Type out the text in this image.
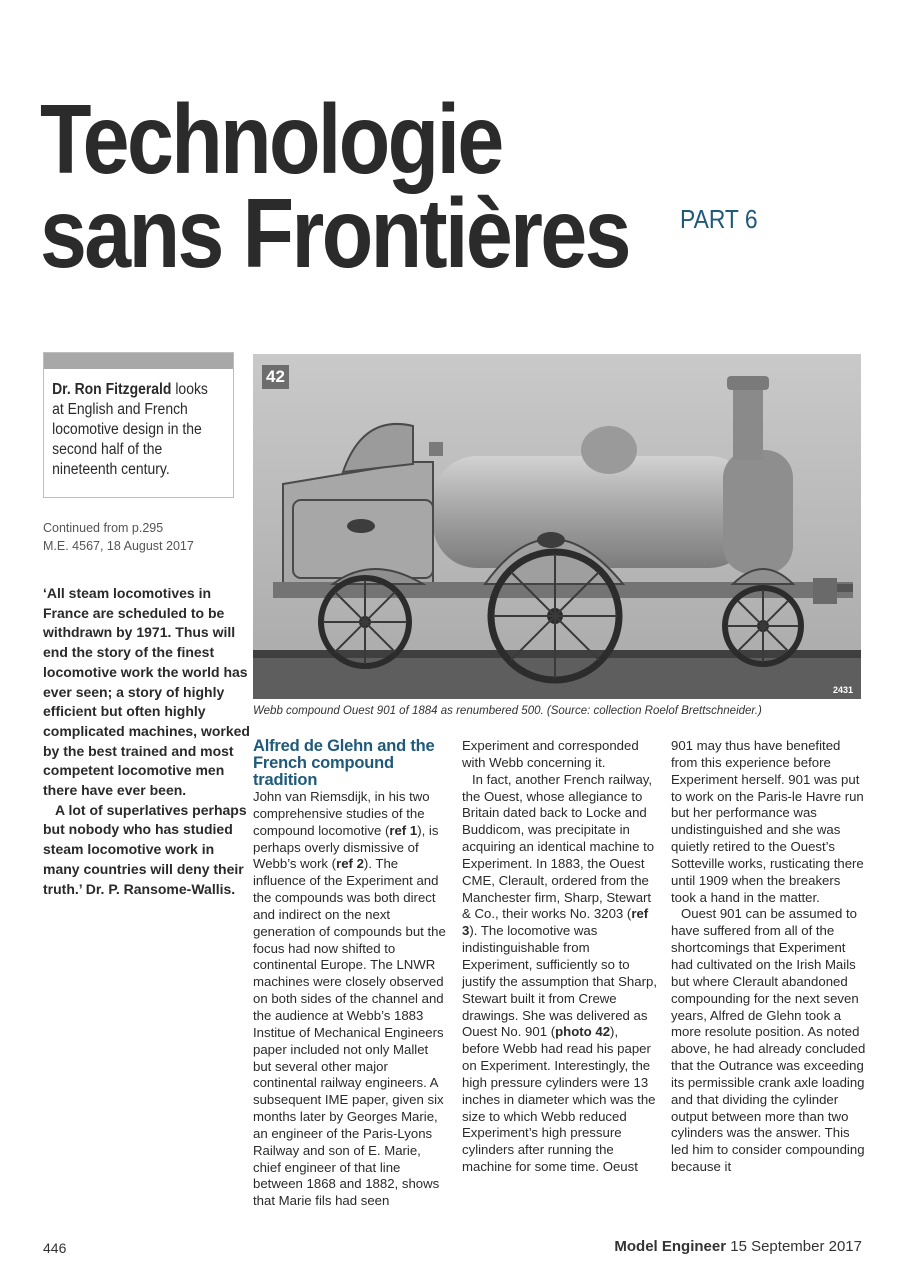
Technologie
sans Frontières PART 6
Dr. Ron Fitzgerald looks at English and French locomotive design in the second half of the nineteenth century.
Continued from p.295
M.E. 4567, 18 August 2017

‘All steam locomotives in France are scheduled to be withdrawn by 1971. Thus will end the story of the finest locomotive work the world has ever seen; a story of highly efficient but often highly complicated machines, worked by the best trained and most competent locomotive men there have ever been.

A lot of superlatives perhaps but nobody who has studied steam locomotive work in many countries will deny their truth.’ Dr. P. Ransome-Wallis.

42
2431
Webb compound Ouest 901 of 1884 as renumbered 500. (Source: collection Roelof Brettschneider.)

Alfred de Glehn and the French compound tradition

John van Riemsdijk, in his two comprehensive studies of the compound locomotive (ref 1), is perhaps overly dismissive of Webb’s work (ref 2). The influence of the Experiment and the compounds was both direct and indirect on the next generation of compounds but the focus had now shifted to continental Europe. The LNWR machines were closely observed on both sides of the channel and the audience at Webb’s 1883 Institue of Mechanical Engineers paper included not only Mallet but several other major continental railway engineers. A subsequent IME paper, given six months later by Georges Marie, an engineer of the Paris-Lyons Railway and son of E. Marie, chief engineer of that line between 1868 and 1882, shows that Marie fils had seen

Experiment and corresponded with Webb concerning it.

In fact, another French railway, the Ouest, whose allegiance to Britain dated back to Locke and Buddicom, was precipitate in acquiring an identical machine to Experiment. In 1883, the Ouest CME, Clerault, ordered from the Manchester firm, Sharp, Stewart & Co., their works No. 3203 (ref 3). The locomotive was indistinguishable from Experiment, sufficiently so to justify the assumption that Sharp, Stewart built it from Crewe drawings. She was delivered as Ouest No. 901 (photo 42), before Webb had read his paper on Experiment. Interestingly, the high pressure cylinders were 13 inches in diameter which was the size to which Webb reduced Experiment’s high pressure cylinders after running the machine for some time. Oeust

901 may thus have benefited from this experience before Experiment herself. 901 was put to work on the Paris-le Havre run but her performance was undistinguished and she was quietly retired to the Ouest’s Sotteville works, rusticating there until 1909 when the breakers took a hand in the matter.

Ouest 901 can be assumed to have suffered from all of the shortcomings that Experiment had cultivated on the Irish Mails but where Clerault abandoned compounding for the next seven years, Alfred de Glehn took a more resolute position. As noted above, he had already concluded that the Outrance was exceeding its permissible crank axle loading and that dividing the cylinder output between more than two cylinders was the answer. This led him to consider compounding because it

446	Model Engineer 15 September 2017
